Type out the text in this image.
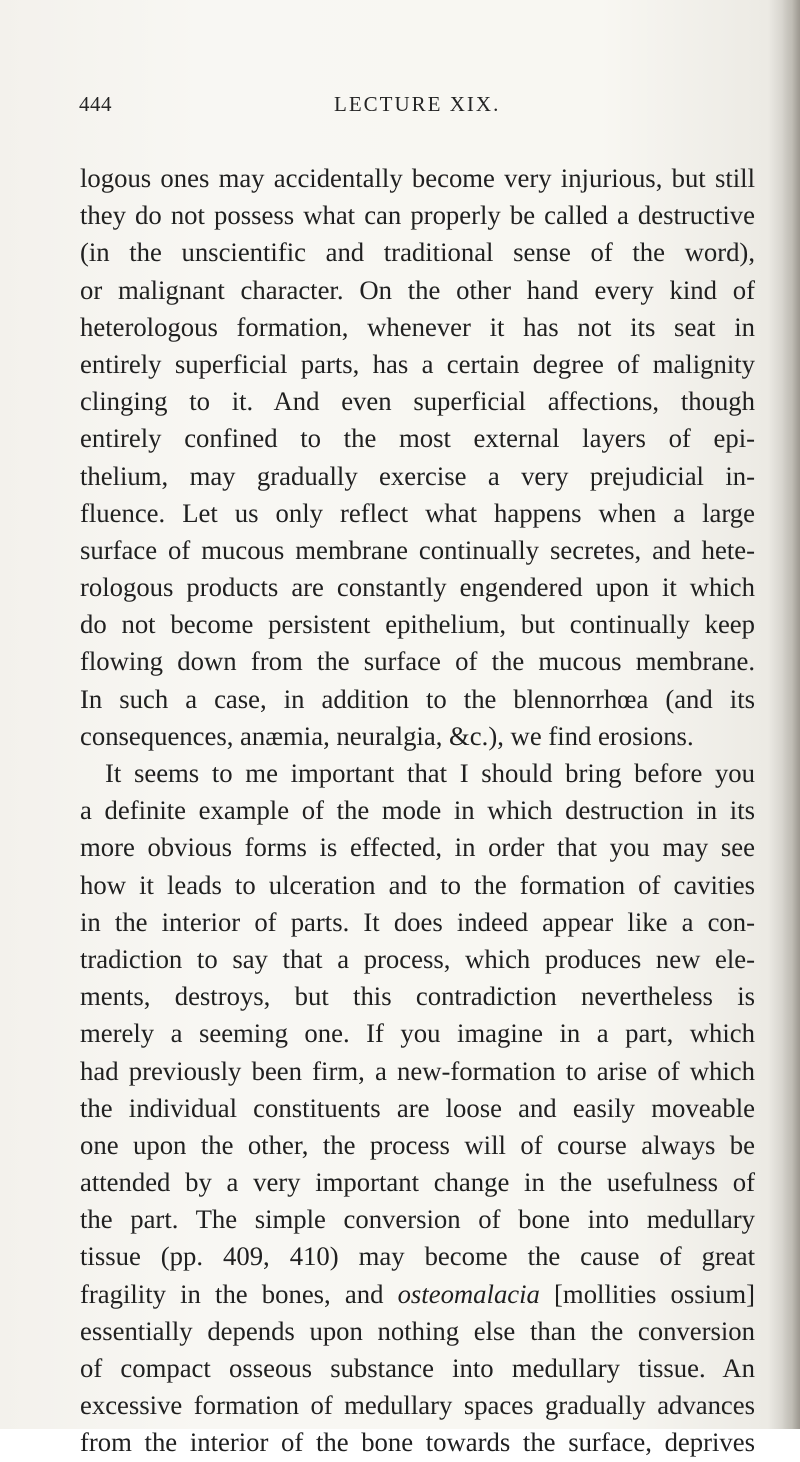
444	LECTURE XIX.
logous ones may accidentally become very injurious, but still
they do not possess what can properly be called a destructive
(in the unscientific and traditional sense of the word),
or malignant character. On the other hand every kind of
heterologous formation, whenever it has not its seat in
entirely superficial parts, has a certain degree of malignity
clinging to it. And even superficial affections, though
entirely confined to the most external layers of epi-
thelium, may gradually exercise a very prejudicial in-
fluence. Let us only reflect what happens when a large
surface of mucous membrane continually secretes, and hete-
rologous products are constantly engendered upon it which
do not become persistent epithelium, but continually keep
flowing down from the surface of the mucous membrane.
In such a case, in addition to the blennorrhœa (and its
consequences, anæmia, neuralgia, &c.), we find erosions.
It seems to me important that I should bring before you
a definite example of the mode in which destruction in its
more obvious forms is effected, in order that you may see
how it leads to ulceration and to the formation of cavities
in the interior of parts. It does indeed appear like a con-
tradiction to say that a process, which produces new ele-
ments, destroys, but this contradiction nevertheless is
merely a seeming one. If you imagine in a part, which
had previously been firm, a new-formation to arise of which
the individual constituents are loose and easily moveable
one upon the other, the process will of course always be
attended by a very important change in the usefulness of
the part. The simple conversion of bone into medullary
tissue (pp. 409, 410) may become the cause of great
fragility in the bones, and osteomalacia [mollities ossium]
essentially depends upon nothing else than the conversion
of compact osseous substance into medullary tissue. An
excessive formation of medullary spaces gradually advances
from the interior of the bone towards the surface, deprives
